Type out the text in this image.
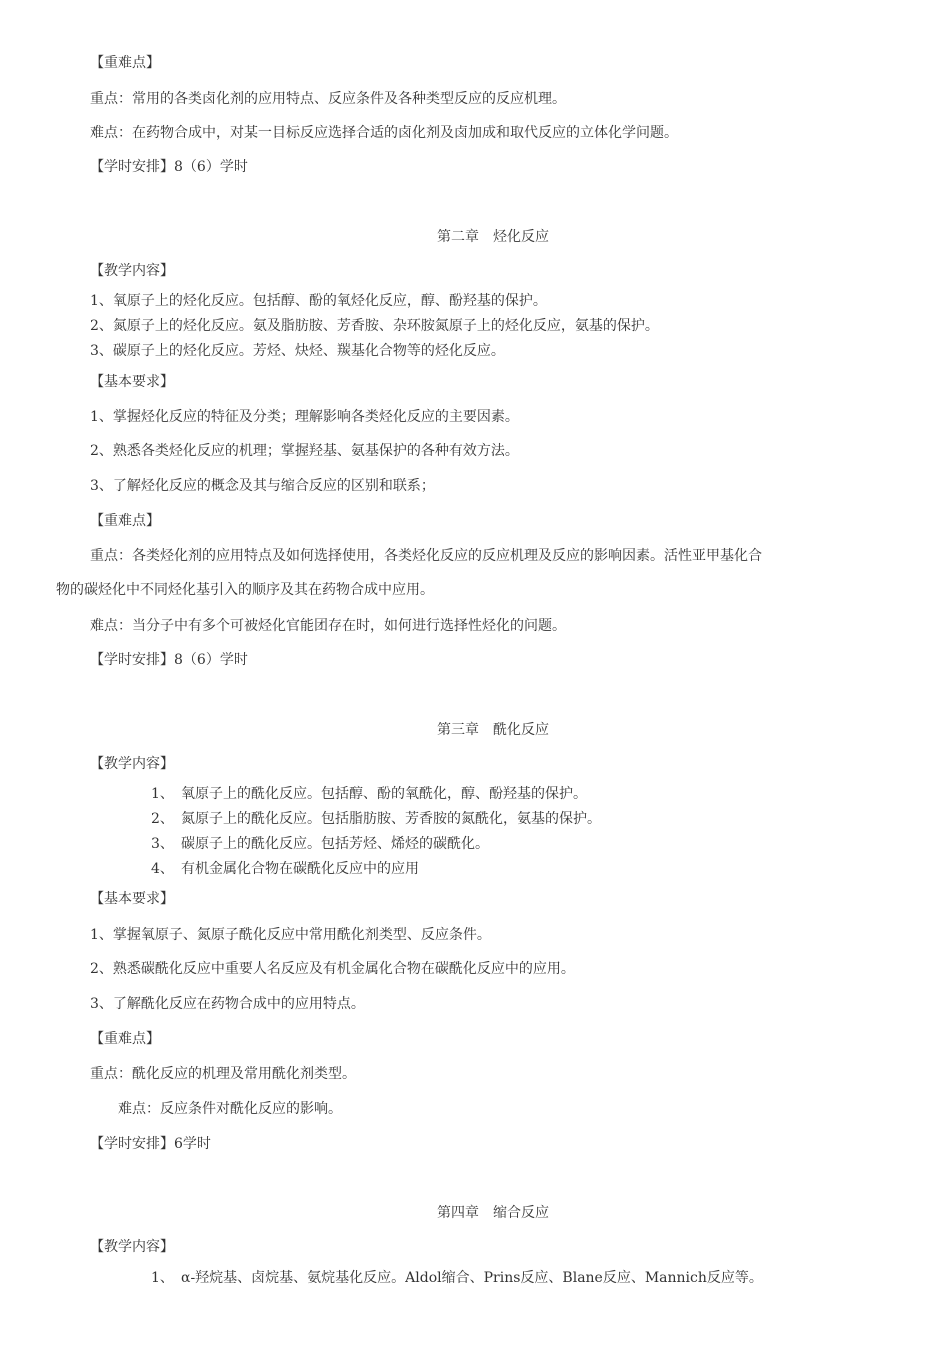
【重难点】
重点：常用的各类卤化剂的应用特点、反应条件及各种类型反应的反应机理。
难点：在药物合成中，对某一目标反应选择合适的卤化剂及卤加成和取代反应的立体化学问题。
【学时安排】8（6）学时
第二章　烃化反应
【教学内容】
1、氧原子上的烃化反应。包括醇、酚的氧烃化反应，醇、酚羟基的保护。
2、氮原子上的烃化反应。氨及脂肪胺、芳香胺、杂环胺氮原子上的烃化反应，氨基的保护。
3、碳原子上的烃化反应。芳烃、炔烃、羰基化合物等的烃化反应。
【基本要求】
1、掌握烃化反应的特征及分类；理解影响各类烃化反应的主要因素。
2、熟悉各类烃化反应的机理；掌握羟基、氨基保护的各种有效方法。
3、了解烃化反应的概念及其与缩合反应的区别和联系；
【重难点】
重点：各类烃化剂的应用特点及如何选择使用，各类烃化反应的反应机理及反应的影响因素。活性亚甲基化合
物的碳烃化中不同烃化基引入的顺序及其在药物合成中应用。
难点：当分子中有多个可被烃化官能团存在时，如何进行选择性烃化的问题。
【学时安排】8（6）学时
第三章　酰化反应
【教学内容】
1、 氧原子上的酰化反应。包括醇、酚的氧酰化，醇、酚羟基的保护。
2、 氮原子上的酰化反应。包括脂肪胺、芳香胺的氮酰化，氨基的保护。
3、 碳原子上的酰化反应。包括芳烃、烯烃的碳酰化。
4、 有机金属化合物在碳酰化反应中的应用
【基本要求】
1、掌握氧原子、氮原子酰化反应中常用酰化剂类型、反应条件。
2、熟悉碳酰化反应中重要人名反应及有机金属化合物在碳酰化反应中的应用。
3、了解酰化反应在药物合成中的应用特点。
【重难点】
重点：酰化反应的机理及常用酰化剂类型。
难点：反应条件对酰化反应的影响。
【学时安排】6学时
第四章　缩合反应
【教学内容】
1、 α-羟烷基、卤烷基、氨烷基化反应。Aldol缩合、Prins反应、Blane反应、Mannich反应等。
